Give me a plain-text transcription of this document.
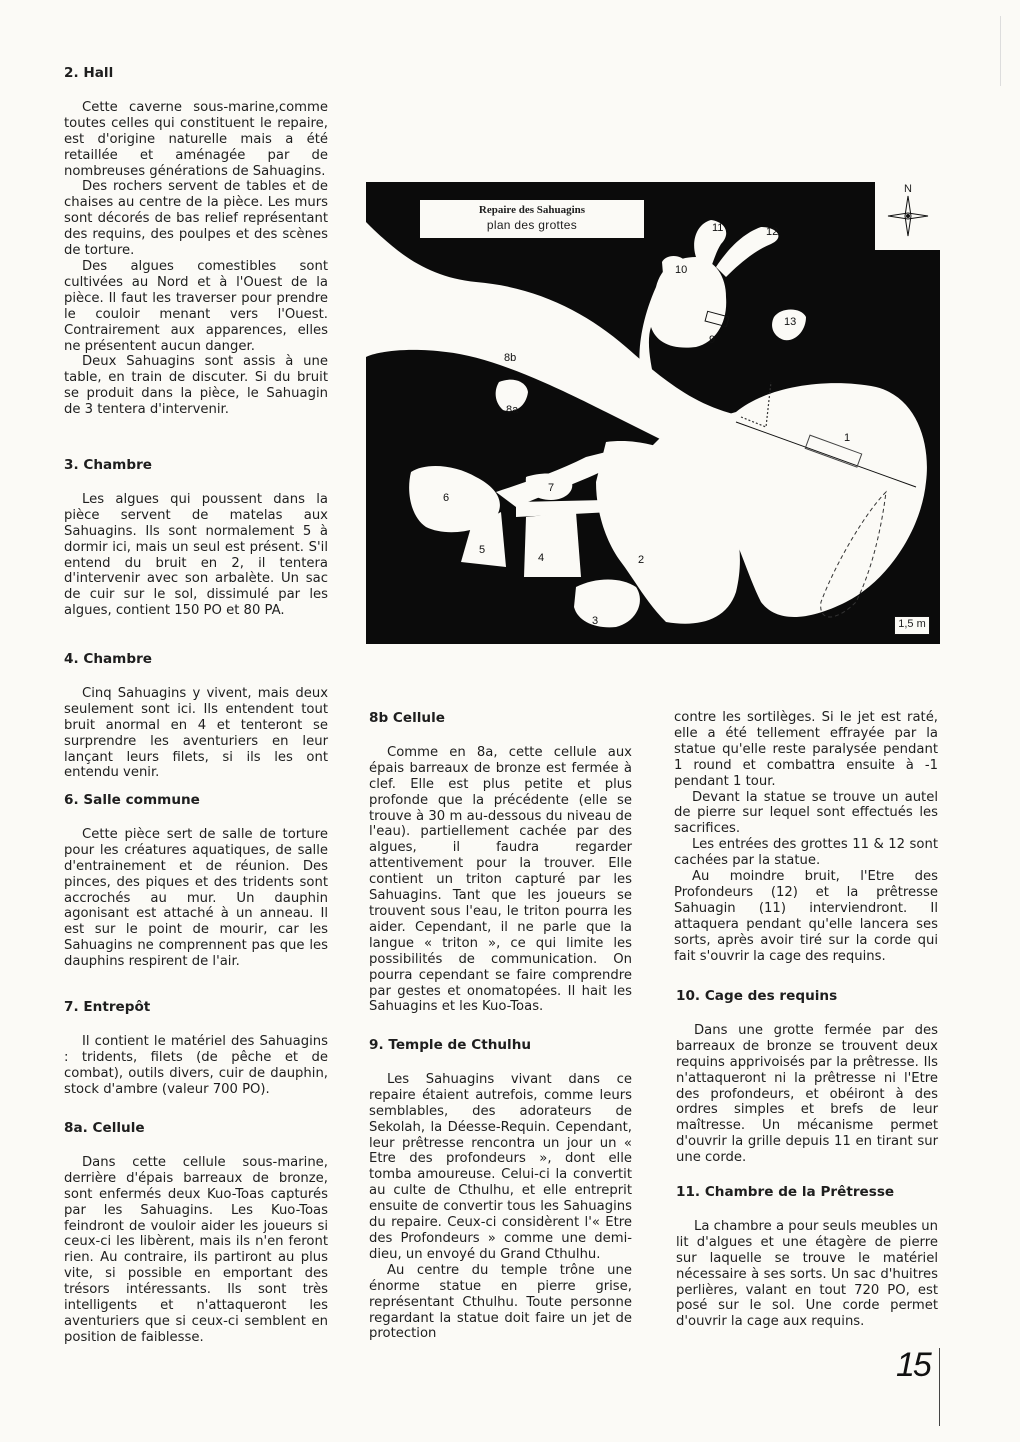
2. Hall

Cette caverne sous-marine,comme toutes celles qui constituent le repaire, est d'origine naturelle mais a été retaillée et aménagée par de nombreuses générations de Sahuagins.

Des rochers servent de tables et de chaises au centre de la pièce. Les murs sont décorés de bas relief représentant des requins, des poulpes et des scènes de torture.

Des algues comestibles sont cultivées au Nord et à l'Ouest de la pièce. Il faut les traverser pour prendre le couloir menant vers l'Ouest. Contrairement aux apparences, elles ne présentent aucun danger.

Deux Sahuagins sont assis à une table, en train de discuter. Si du bruit se produit dans la pièce, le Sahuagin de 3 tentera d'intervenir.

3. Chambre

Les algues qui poussent dans la pièce servent de matelas aux Sahuagins. Ils sont normalement 5 à dormir ici, mais un seul est présent. S'il entend du bruit en 2, il tentera d'intervenir avec son arbalète. Un sac de cuir sur le sol, dissimulé par les algues, contient 150 PO et 80 PA.

4. Chambre

Cinq Sahuagins y vivent, mais deux seulement sont ici. Ils entendent tout bruit anormal en 4 et tenteront se surprendre les aventuriers en leur lançant leurs filets, si ils les ont entendu venir.

6. Salle commune

Cette pièce sert de salle de torture pour les créatures aquatiques, de salle d'entrainement et de réunion. Des pinces, des piques et des tridents sont accrochés au mur. Un dauphin agonisant est attaché à un anneau. Il est sur le point de mourir, car les Sahuagins ne comprennent pas que les dauphins respirent de l'air.

7. Entrepôt

Il contient le matériel des Sahuagins : tridents, filets (de pêche et de combat), outils divers, cuir de dauphin, stock d'ambre (valeur 700 PO).

8a. Cellule

Dans cette cellule sous-marine, derrière d'épais barreaux de bronze, sont enfermés deux Kuo-Toas capturés par les Sahuagins. Les Kuo-Toas feindront de vouloir aider les joueurs si ceux-ci les libèrent, mais ils n'en feront rien. Au contraire, ils partiront au plus vite, si possible en emportant des trésors intéressants. Ils sont très intelligents et n'attaqueront les aventuriers que si ceux-ci semblent en position de faiblesse.

Repaire des Sahuagins
plan des grottes
N
1
2
3
4
5
6
7
8a
8b
9
10
11	12
13
1,5 m
8b Cellule

Comme en 8a, cette cellule aux épais barreaux de bronze est fermée à clef. Elle est plus petite et plus profonde que la précédente (elle se trouve à 30 m au-dessous du niveau de l'eau). partiellement cachée par des algues, il faudra regarder attentivement pour la trouver. Elle contient un triton capturé par les Sahuagins. Tant que les joueurs se trouvent sous l'eau, le triton pourra les aider. Cependant, il ne parle que la langue « triton », ce qui limite les possibilités de communication. On pourra cependant se faire comprendre par gestes et onomatopées. Il hait les Sahuagins et les Kuo-Toas.

9. Temple de Cthulhu

Les Sahuagins vivant dans ce repaire étaient autrefois, comme leurs semblables, des adorateurs de Sekolah, la Déesse-Requin. Cependant, leur prêtresse rencontra un jour un « Etre des profondeurs », dont elle tomba amoureuse. Celui-ci la convertit au culte de Cthulhu, et elle entreprit ensuite de convertir tous les Sahuagins du repaire. Ceux-ci considèrent l'« Etre des Profondeurs » comme une demi-dieu, un envoyé du Grand Cthulhu.

Au centre du temple trône une énorme statue en pierre grise, représentant Cthulhu. Toute personne regardant la statue doit faire un jet de protection

contre les sortilèges. Si le jet est raté, elle a été tellement effrayée par la statue qu'elle reste paralysée pendant 1 round et combattra ensuite à -1 pendant 1 tour.

Devant la statue se trouve un autel de pierre sur lequel sont effectués les sacrifices.

Les entrées des grottes 11 & 12 sont cachées par la statue.

Au moindre bruit, l'Etre des Profondeurs (12) et la prêtresse Sahuagin (11) interviendront. Il attaquera pendant qu'elle lancera ses sorts, après avoir tiré sur la corde qui fait s'ouvrir la cage des requins.

10. Cage des requins

Dans une grotte fermée par des barreaux de bronze se trouvent deux requins apprivoisés par la prêtresse. Ils n'attaqueront ni la prêtresse ni l'Etre des profondeurs, et obéiront à des ordres simples et brefs de leur maîtresse. Un mécanisme permet d'ouvrir la grille depuis 11 en tirant sur une corde.

11. Chambre de la Prêtresse

La chambre a pour seuls meubles un lit d'algues et une étagère de pierre sur laquelle se trouve le matériel nécessaire à ses sorts. Un sac d'huitres perlières, valant en tout 720 PO, est posé sur le sol. Une corde permet d'ouvrir la cage aux requins.

15
